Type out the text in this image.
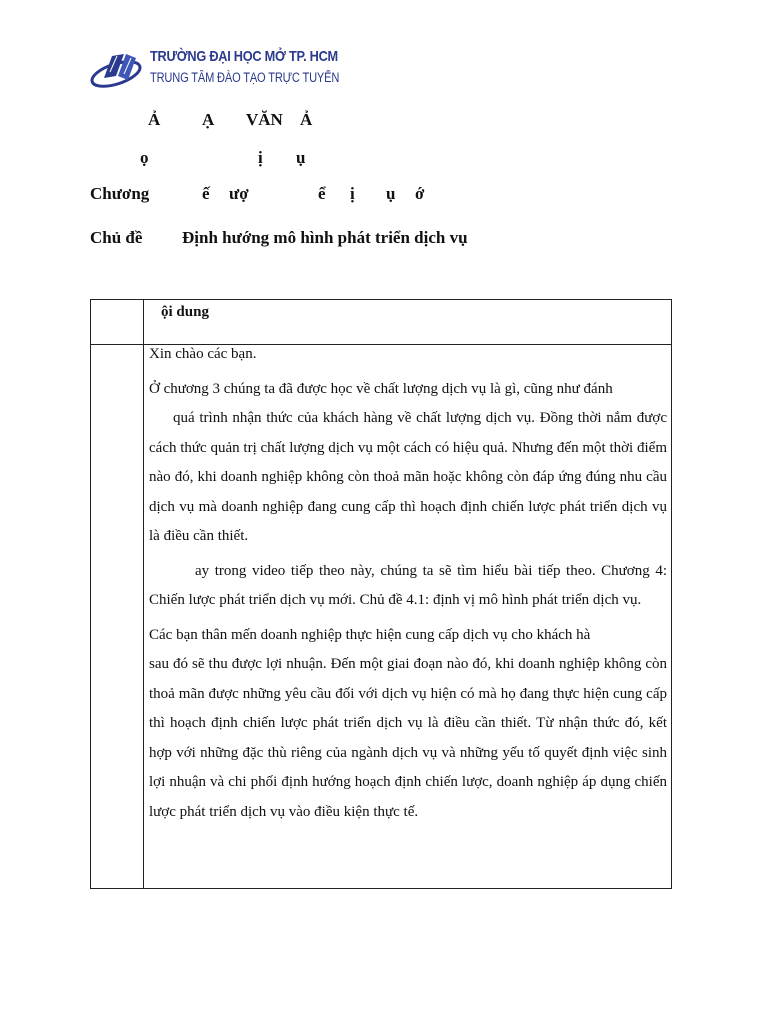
TRƯỜNG ĐẠI HỌC MỞ TP. HCM
TRUNG TÂM ĐÀO TẠO TRỰC TUYẾN
Ả Ạ VĂN Ả
ọ	ị ụ
Chương	ế ượ	ể ị ụ ớ
Chủ đề Định hướng mô hình phát triển dịch vụ
ội dung

Xin chào các bạn.

Ở chương 3 chúng ta đã được học về chất lượng dịch vụ là gì, cũng như đánh
quá trình nhận thức của khách hàng về chất lượng dịch vụ. Đồng thời nắm được cách thức quản trị chất lượng dịch vụ một cách có hiệu quả. Nhưng đến một thời điểm nào đó, khi doanh nghiệp không còn thoả mãn hoặc không còn đáp ứng đúng nhu cầu dịch vụ mà doanh nghiệp đang cung cấp thì hoạch định chiến lược phát triển dịch vụ là điều cần thiết.

ay trong video tiếp theo này, chúng ta sẽ tìm hiểu bài tiếp theo. Chương 4: Chiến lược phát triển dịch vụ mới. Chủ đề 4.1: định vị mô hình phát triển dịch vụ.

Các bạn thân mến doanh nghiệp thực hiện cung cấp dịch vụ cho khách hà
sau đó sẽ thu được lợi nhuận. Đến một giai đoạn nào đó, khi doanh nghiệp không còn thoả mãn được những yêu cầu đối với dịch vụ hiện có mà họ đang thực hiện cung cấp thì hoạch định chiến lược phát triển dịch vụ là điều cần thiết. Từ nhận thức đó, kết hợp với những đặc thù riêng của ngành dịch vụ và những yếu tố quyết định việc sinh lợi nhuận và chi phối định hướng hoạch định chiến lược, doanh nghiệp áp dụng chiến lược phát triển dịch vụ vào điều kiện thực tế.
